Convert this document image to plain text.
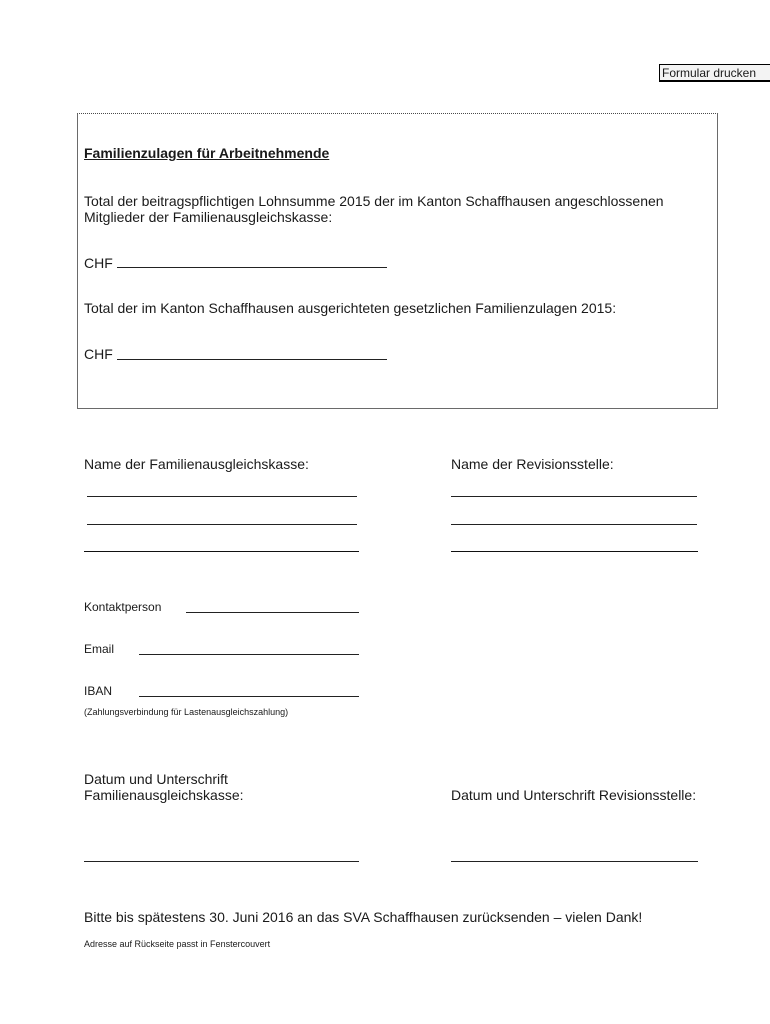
Formular drucken
Familienzulagen für Arbeitnehmende
Total der beitragspflichtigen Lohnsumme 2015 der im Kanton Schaffhausen angeschlossenen
Mitglieder der Familienausgleichskasse:
CHF
Total der im Kanton Schaffhausen ausgerichteten gesetzlichen Familienzulagen 2015:
CHF
Name der Familienausgleichskasse:	Name der Revisionsstelle:
Kontaktperson
Email
IBAN
(Zahlungsverbindung für Lastenausgleichszahlung)
Datum und Unterschrift
Familienausgleichskasse:	Datum und Unterschrift Revisionsstelle:
Bitte bis spätestens 30. Juni 2016 an das SVA Schaffhausen zurücksenden – vielen Dank!
Adresse auf Rückseite passt in Fenstercouvert
